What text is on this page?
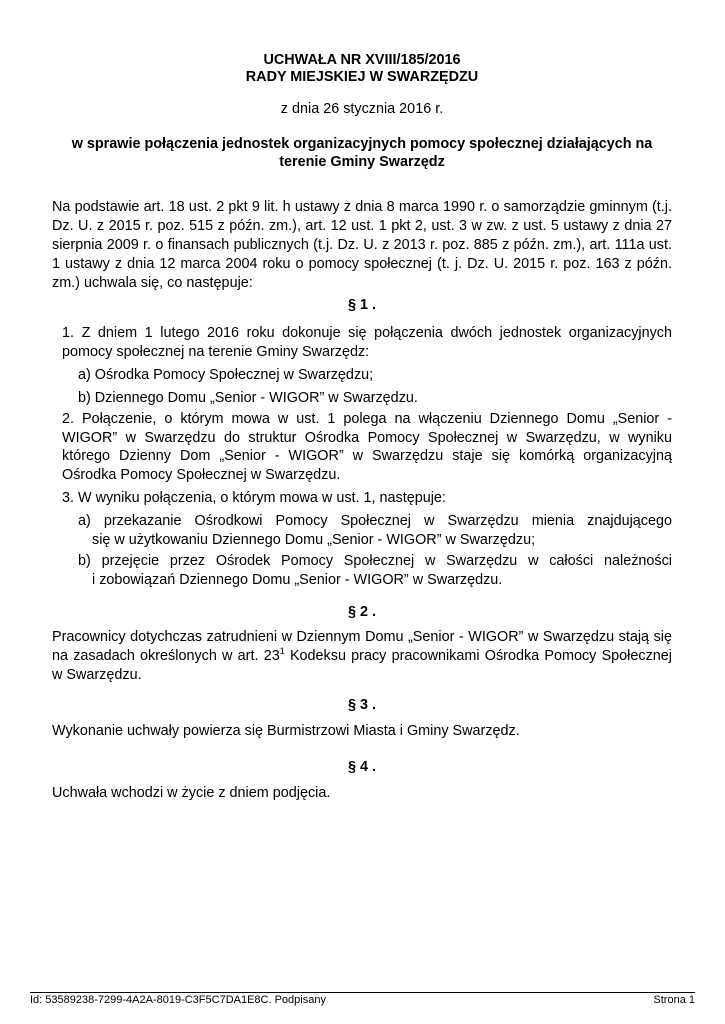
UCHWAŁA NR XVIII/185/2016
RADY MIEJSKIEJ W SWARZĘDZU
z dnia 26 stycznia 2016 r.
w sprawie połączenia jednostek organizacyjnych pomocy społecznej działających na
terenie Gminy Swarzędz
Na podstawie art. 18 ust. 2 pkt 9 lit. h ustawy z dnia 8 marca 1990 r. o samorządzie gminnym (t.j. Dz. U. z 2015 r. poz. 515 z późn. zm.), art. 12 ust. 1 pkt 2, ust. 3 w zw. z ust. 5 ustawy z dnia 27 sierpnia 2009 r. o finansach publicznych (t.j. Dz. U. z 2013 r. poz. 885 z późn. zm.), art. 111a ust. 1 ustawy z dnia 12 marca 2004 roku o pomocy społecznej (t. j. Dz. U. 2015 r. poz. 163 z późn. zm.) uchwala się, co następuje:
§ 1 .
1. Z dniem 1 lutego 2016 roku dokonuje się połączenia dwóch jednostek organizacyjnych pomocy społecznej na terenie Gminy Swarzędz:
a) Ośrodka Pomocy Społecznej w Swarzędzu;
b) Dziennego Domu „Senior - WIGOR” w Swarzędzu.
2. Połączenie, o którym mowa w ust. 1 polega na włączeniu Dziennego Domu „Senior - WIGOR” w Swarzędzu do struktur Ośrodka Pomocy Społecznej w Swarzędzu, w wyniku którego Dzienny Dom „Senior - WIGOR” w Swarzędzu staje się komórką organizacyjną Ośrodka Pomocy Społecznej w Swarzędzu.
3. W wyniku połączenia, o którym mowa w ust. 1, następuje:
a) przekazanie Ośrodkowi Pomocy Społecznej w Swarzędzu mienia znajdującego
się w użytkowaniu Dziennego Domu „Senior - WIGOR” w Swarzędzu;
b) przejęcie przez Ośrodek Pomocy Społecznej w Swarzędzu w całości należności
i zobowiązań Dziennego Domu „Senior - WIGOR” w Swarzędzu.
§ 2 .
Pracownicy dotychczas zatrudnieni w Dziennym Domu „Senior - WIGOR” w Swarzędzu stają się na zasadach określonych w art. $23^1$ Kodeksu pracy pracownikami Ośrodka Pomocy Społecznej w Swarzędzu.
§ 3 .
Wykonanie uchwały powierza się Burmistrzowi Miasta i Gminy Swarzędz.
§ 4 .
Uchwała wchodzi w życie z dniem podjęcia.
Id: 53589238-7299-4A2A-8019-C3F5C7DA1E8C. Podpisany	Strona 1
